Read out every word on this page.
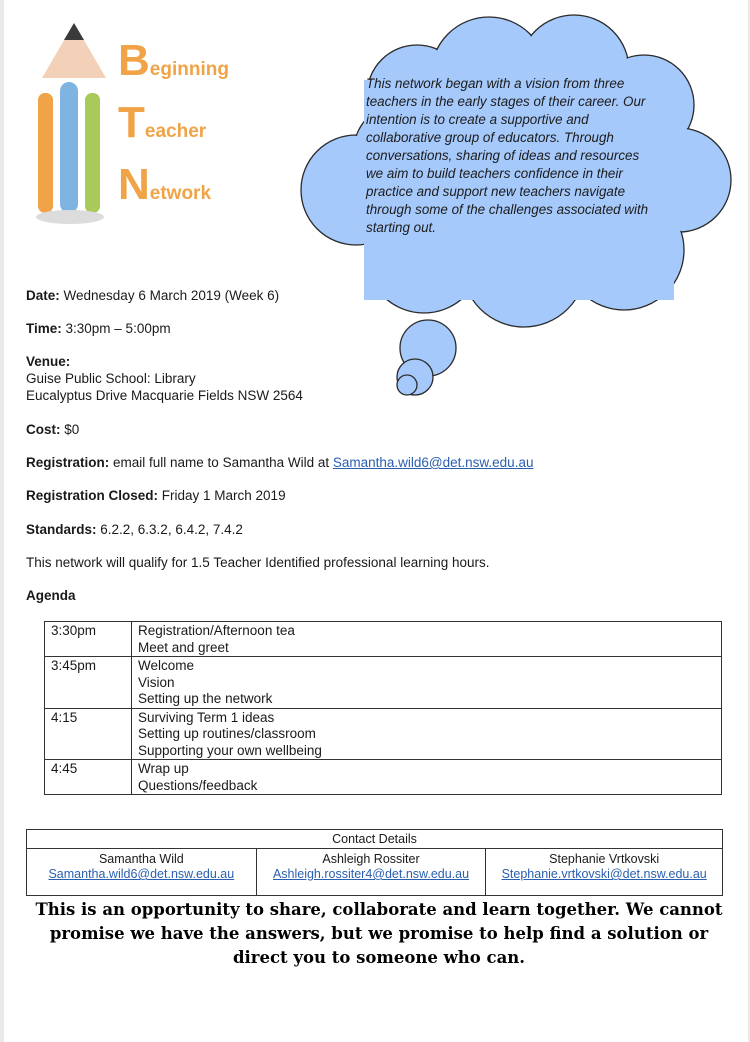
Beginning
Teacher
Network
This network began with a vision from three teachers in the early stages of their career. Our intention is to create a supportive and collaborative group of educators. Through conversations, sharing of ideas and resources we aim to build teachers confidence in their practice and support new teachers navigate through some of the challenges associated with starting out.
Date: Wednesday 6 March 2019 (Week 6)
Time: 3:30pm – 5:00pm
Venue:
Guise Public School: Library
Eucalyptus Drive Macquarie Fields NSW 2564
Cost: $0
Registration: email full name to Samantha Wild at Samantha.wild6@det.nsw.edu.au
Registration Closed: Friday 1 March 2019
Standards: 6.2.2, 6.3.2, 6.4.2, 7.4.2
This network will qualify for 1.5 Teacher Identified professional learning hours.
Agenda
3:30pm	Registration/Afternoon tea
Meet and greet

3:45pm	Welcome
Vision
Setting up the network

4:15	Surviving Term 1 ideas
Setting up routines/classroom
Supporting your own wellbeing

4:45	Wrap up
Questions/feedback
Contact Details

Samantha Wild
Samantha.wild6@det.nsw.edu.au	
Ashleigh Rossiter
Ashleigh.rossiter4@det.nsw.edu.au	
Stephanie Vrtkovski
Stephanie.vrtkovski@det.nsw.edu.au
This is an opportunity to share, collaborate and learn together. We cannot promise we have the answers, but we promise to help find a solution or direct you to someone who can.
